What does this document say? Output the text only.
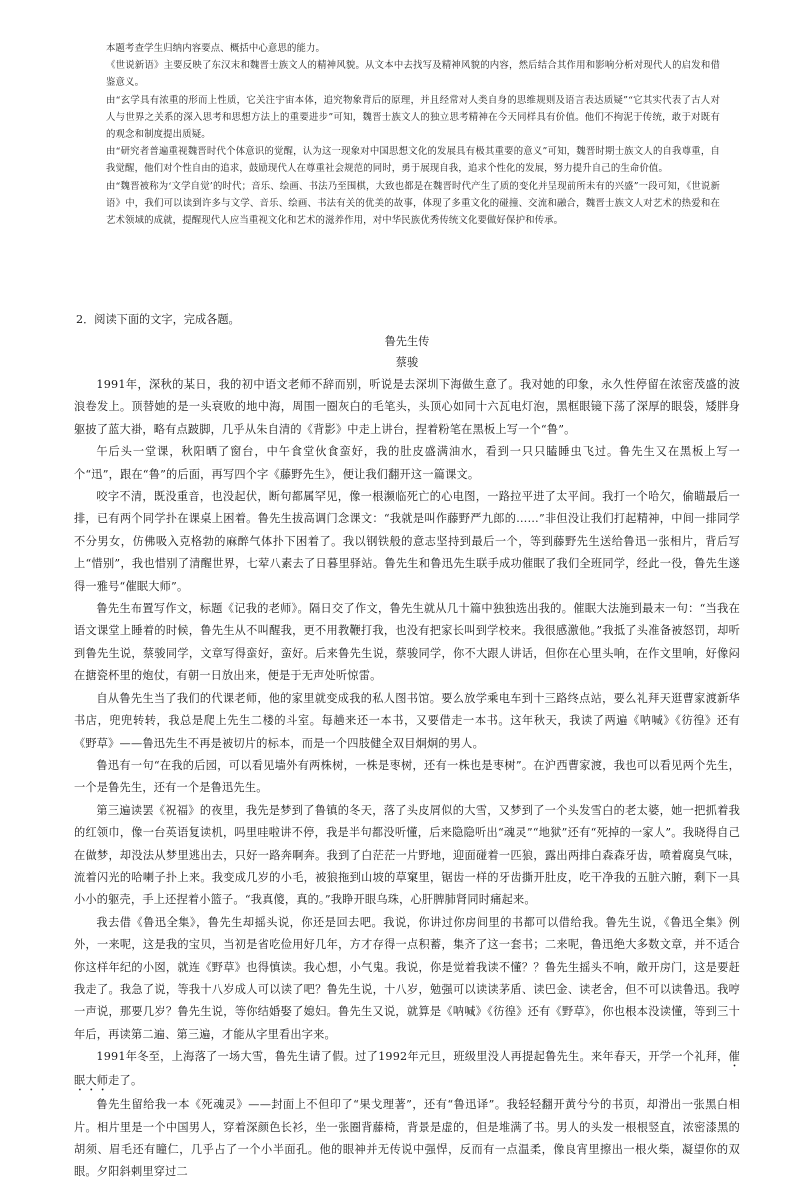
本题考查学生归纳内容要点、概括中心意思的能力。

《世说新语》主要反映了东汉末和魏晋士族文人的精神风貌。从文本中去找写及精神风貌的内容，然后结合其作用和影响分析对现代人的启发和借鉴意义。

由“玄学具有浓重的形而上性质，它关注宇宙本体，追究物象背后的原理，并且经常对人类自身的思维规则及语言表达质疑”“它其实代表了古人对人与世界之关系的深入思考和思想方法上的重要进步”可知，魏晋士族文人的独立思考精神在今天同样具有价值。他们不拘泥于传统，敢于对既有的观念和制度提出质疑。

由“研究者普遍重视魏晋时代个体意识的觉醒，认为这一现象对中国思想文化的发展具有极其重要的意义”可知，魏晋时期士族文人的自我尊重，自我觉醒，他们对个性自由的追求，鼓励现代人在尊重社会规范的同时，勇于展现自我，追求个性化的发展，努力提升自己的生命价值。

由“魏晋被称为‘文学自觉’的时代；音乐、绘画、书法乃至围棋，大致也都是在魏晋时代产生了质的变化并呈现前所未有的兴盛”一段可知，《世说新语》中，我们可以读到许多与文学、音乐、绘画、书法有关的优美的故事，体现了多重文化的碰撞、交流和融合，魏晋士族文人对艺术的热爱和在艺术领域的成就，提醒现代人应当重视文化和艺术的滋养作用，对中华民族优秀传统文化要做好保护和传承。

2．阅读下面的文字，完成各题。

鲁先生传

蔡骏

1991年，深秋的某日，我的初中语文老师不辞而别，听说是去深圳下海做生意了。我对她的印象，永久性停留在浓密茂盛的波浪卷发上。顶替她的是一头衰败的地中海，周围一圈灰白的毛笔头，头顶心如同十六瓦电灯泡，黑框眼镜下荡了深厚的眼袋，矮胖身躯披了蓝大褂，略有点跛脚，几乎从朱自清的《背影》中走上讲台，捏着粉笔在黑板上写一个“鲁”。

午后头一堂课，秋阳晒了窗台，中午食堂伙食蛮好，我的肚皮盛满油水，看到一只只瞌睡虫飞过。鲁先生又在黑板上写一个“迅”，跟在“鲁”的后面，再写四个字《藤野先生》，便让我们翻开这一篇课文。

咬字不清，既没重音，也没起伏，断句都属罕见，像一根濒临死亡的心电图，一路拉平进了太平间。我打一个哈欠，偷瞄最后一排，已有两个同学扑在课桌上困着。鲁先生拔高调门念课文：“我就是叫作藤野严九郎的……”非但没让我们打起精神，中间一排同学不分男女，仿佛吸入克格勃的麻醉气体扑下困着了。我以钢铁般的意志坚持到最后一个，等到藤野先生送给鲁迅一张相片，背后写上“惜别”，我也惜别了清醒世界，七荤八素去了日暮里驿站。鲁先生和鲁迅先生联手成功催眠了我们全班同学，经此一役，鲁先生遂得一雅号“催眠大师”。

鲁先生布置写作文，标题《记我的老师》。隔日交了作文，鲁先生就从几十篇中独独选出我的。催眠大法施到最末一句：“当我在语文课堂上睡着的时候，鲁先生从不叫醒我，更不用教鞭打我，也没有把家长叫到学校来。我很感激他。”我抵了头准备被怒罚，却听到鲁先生说，蔡骏同学，文章写得蛮好，蛮好。后来鲁先生说，蔡骏同学，你不大跟人讲话，但你在心里头响，在作文里响，好像闷在搪瓷杯里的炮仗，有朝一日放出来，便是于无声处听惊雷。

自从鲁先生当了我们的代课老师，他的家里就变成我的私人图书馆。要么放学乘电车到十三路终点站，要么礼拜天逛曹家渡新华书店，兜兜转转，我总是爬上先生二楼的斗室。每趟来还一本书，又要借走一本书。这年秋天，我读了两遍《呐喊》《彷徨》还有《野草》——鲁迅先生不再是被切片的标本，而是一个四肢健全双目炯炯的男人。

鲁迅有一句“在我的后园，可以看见墙外有两株树，一株是枣树，还有一株也是枣树”。在沪西曹家渡，我也可以看见两个先生，一个是鲁先生，还有一个是鲁迅先生。

第三遍读罢《祝福》的夜里，我先是梦到了鲁镇的冬天，落了头皮屑似的大雪，又梦到了一个头发雪白的老太婆，她一把抓着我的红领巾，像一台英语复读机，吗里哇啦讲不停，我是半句都没听懂，后来隐隐听出“魂灵”“地狱”还有“死掉的一家人”。我晓得自己在做梦，却没法从梦里逃出去，只好一路奔啊奔。我到了白茫茫一片野地，迎面碰着一匹狼，露出两排白森森牙齿，喷着腐臭气味，流着闪光的哈喇子扑上来。我变成几岁的小毛，被狼拖到山坡的草窠里，锯齿一样的牙齿撕开肚皮，吃干净我的五脏六腑，剩下一具小小的躯壳，手上还捏着小篮子。“我真傻，真的。”我睁开眼乌珠，心肝脾肺肾同时痛起来。

我去借《鲁迅全集》，鲁先生却摇头说，你还是回去吧。我说，你讲过你房间里的书都可以借给我。鲁先生说，《鲁迅全集》例外，一来呢，这是我的宝贝，当初是省吃俭用好几年，方才存得一点积蓄，集齐了这一套书；二来呢，鲁迅绝大多数文章，并不适合你这样年纪的小囡，就连《野草》也得慎读。我心想，小气鬼。我说，你是觉着我读不懂？？鲁先生摇头不响，敞开房门，这是要赶我走了。我急了说，等我十八岁成人可以读了吧？鲁先生说，十八岁，勉强可以读读茅盾、读巴金、读老舍，但不可以读鲁迅。我哼一声说，那要几岁？鲁先生说，等你结婚娶了媳妇。鲁先生又说，就算是《呐喊》《彷徨》还有《野草》，你也根本没读懂，等到三十年后，再读第二遍、第三遍，才能从字里看出字来。

1991年冬至，上海落了一场大雪，鲁先生请了假。过了1992年元旦，班级里没人再提起鲁先生。来年春天，开学一个礼拜，催眠大师走了。

鲁先生留给我一本《死魂灵》——封面上不但印了“果戈理著”，还有“鲁迅译”。我轻轻翻开黄兮兮的书页，却滑出一张黑白相片。相片里是一个中国男人，穿着深颜色长衫，坐一张圈背藤椅，背景是虚的，但是堆满了书。男人的头发一根根竖直，浓密漆黑的胡须、眉毛还有瞳仁，几乎占了一个小半面孔。他的眼神并无传说中强悍，反而有一点温柔，像良宵里擦出一根火柴，凝望你的双眼。夕阳斜剌里穿过二
